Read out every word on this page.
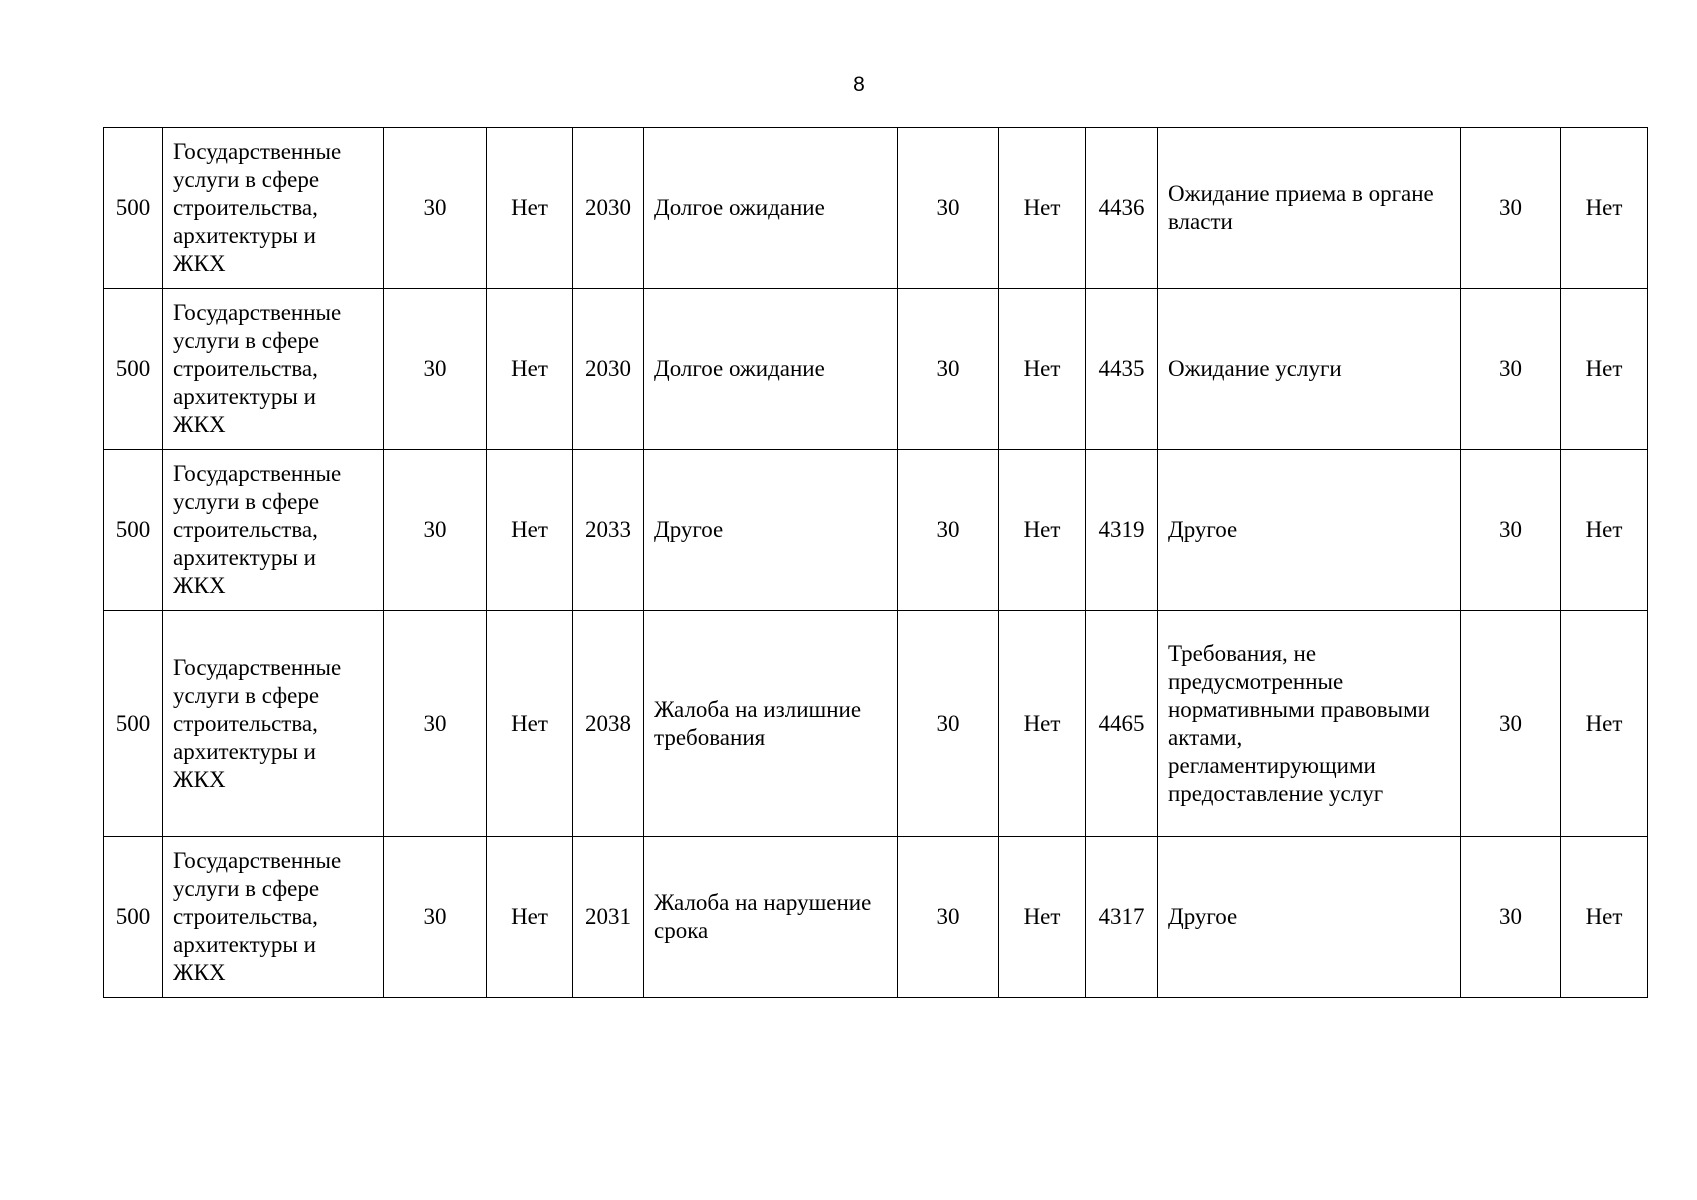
8
500	Государственные услуги в сфере строительства, архитектуры и ЖКХ	30	Нет	2030	Долгое ожидание	30	Нет	4436	Ожидание приема в органе власти	30	Нет
500	Государственные услуги в сфере строительства, архитектуры и ЖКХ	30	Нет	2030	Долгое ожидание	30	Нет	4435	Ожидание услуги	30	Нет
500	Государственные услуги в сфере строительства, архитектуры и ЖКХ	30	Нет	2033	Другое	30	Нет	4319	Другое	30	Нет
500	Государственные услуги в сфере строительства, архитектуры и ЖКХ	30	Нет	2038	Жалоба на излишние требования	30	Нет	4465	Требования, не предусмотренные нормативными правовыми актами, регламентирующими предоставление услуг	30	Нет
500	Государственные услуги в сфере строительства, архитектуры и ЖКХ	30	Нет	2031	Жалоба на нарушение срока	30	Нет	4317	Другое	30	Нет
